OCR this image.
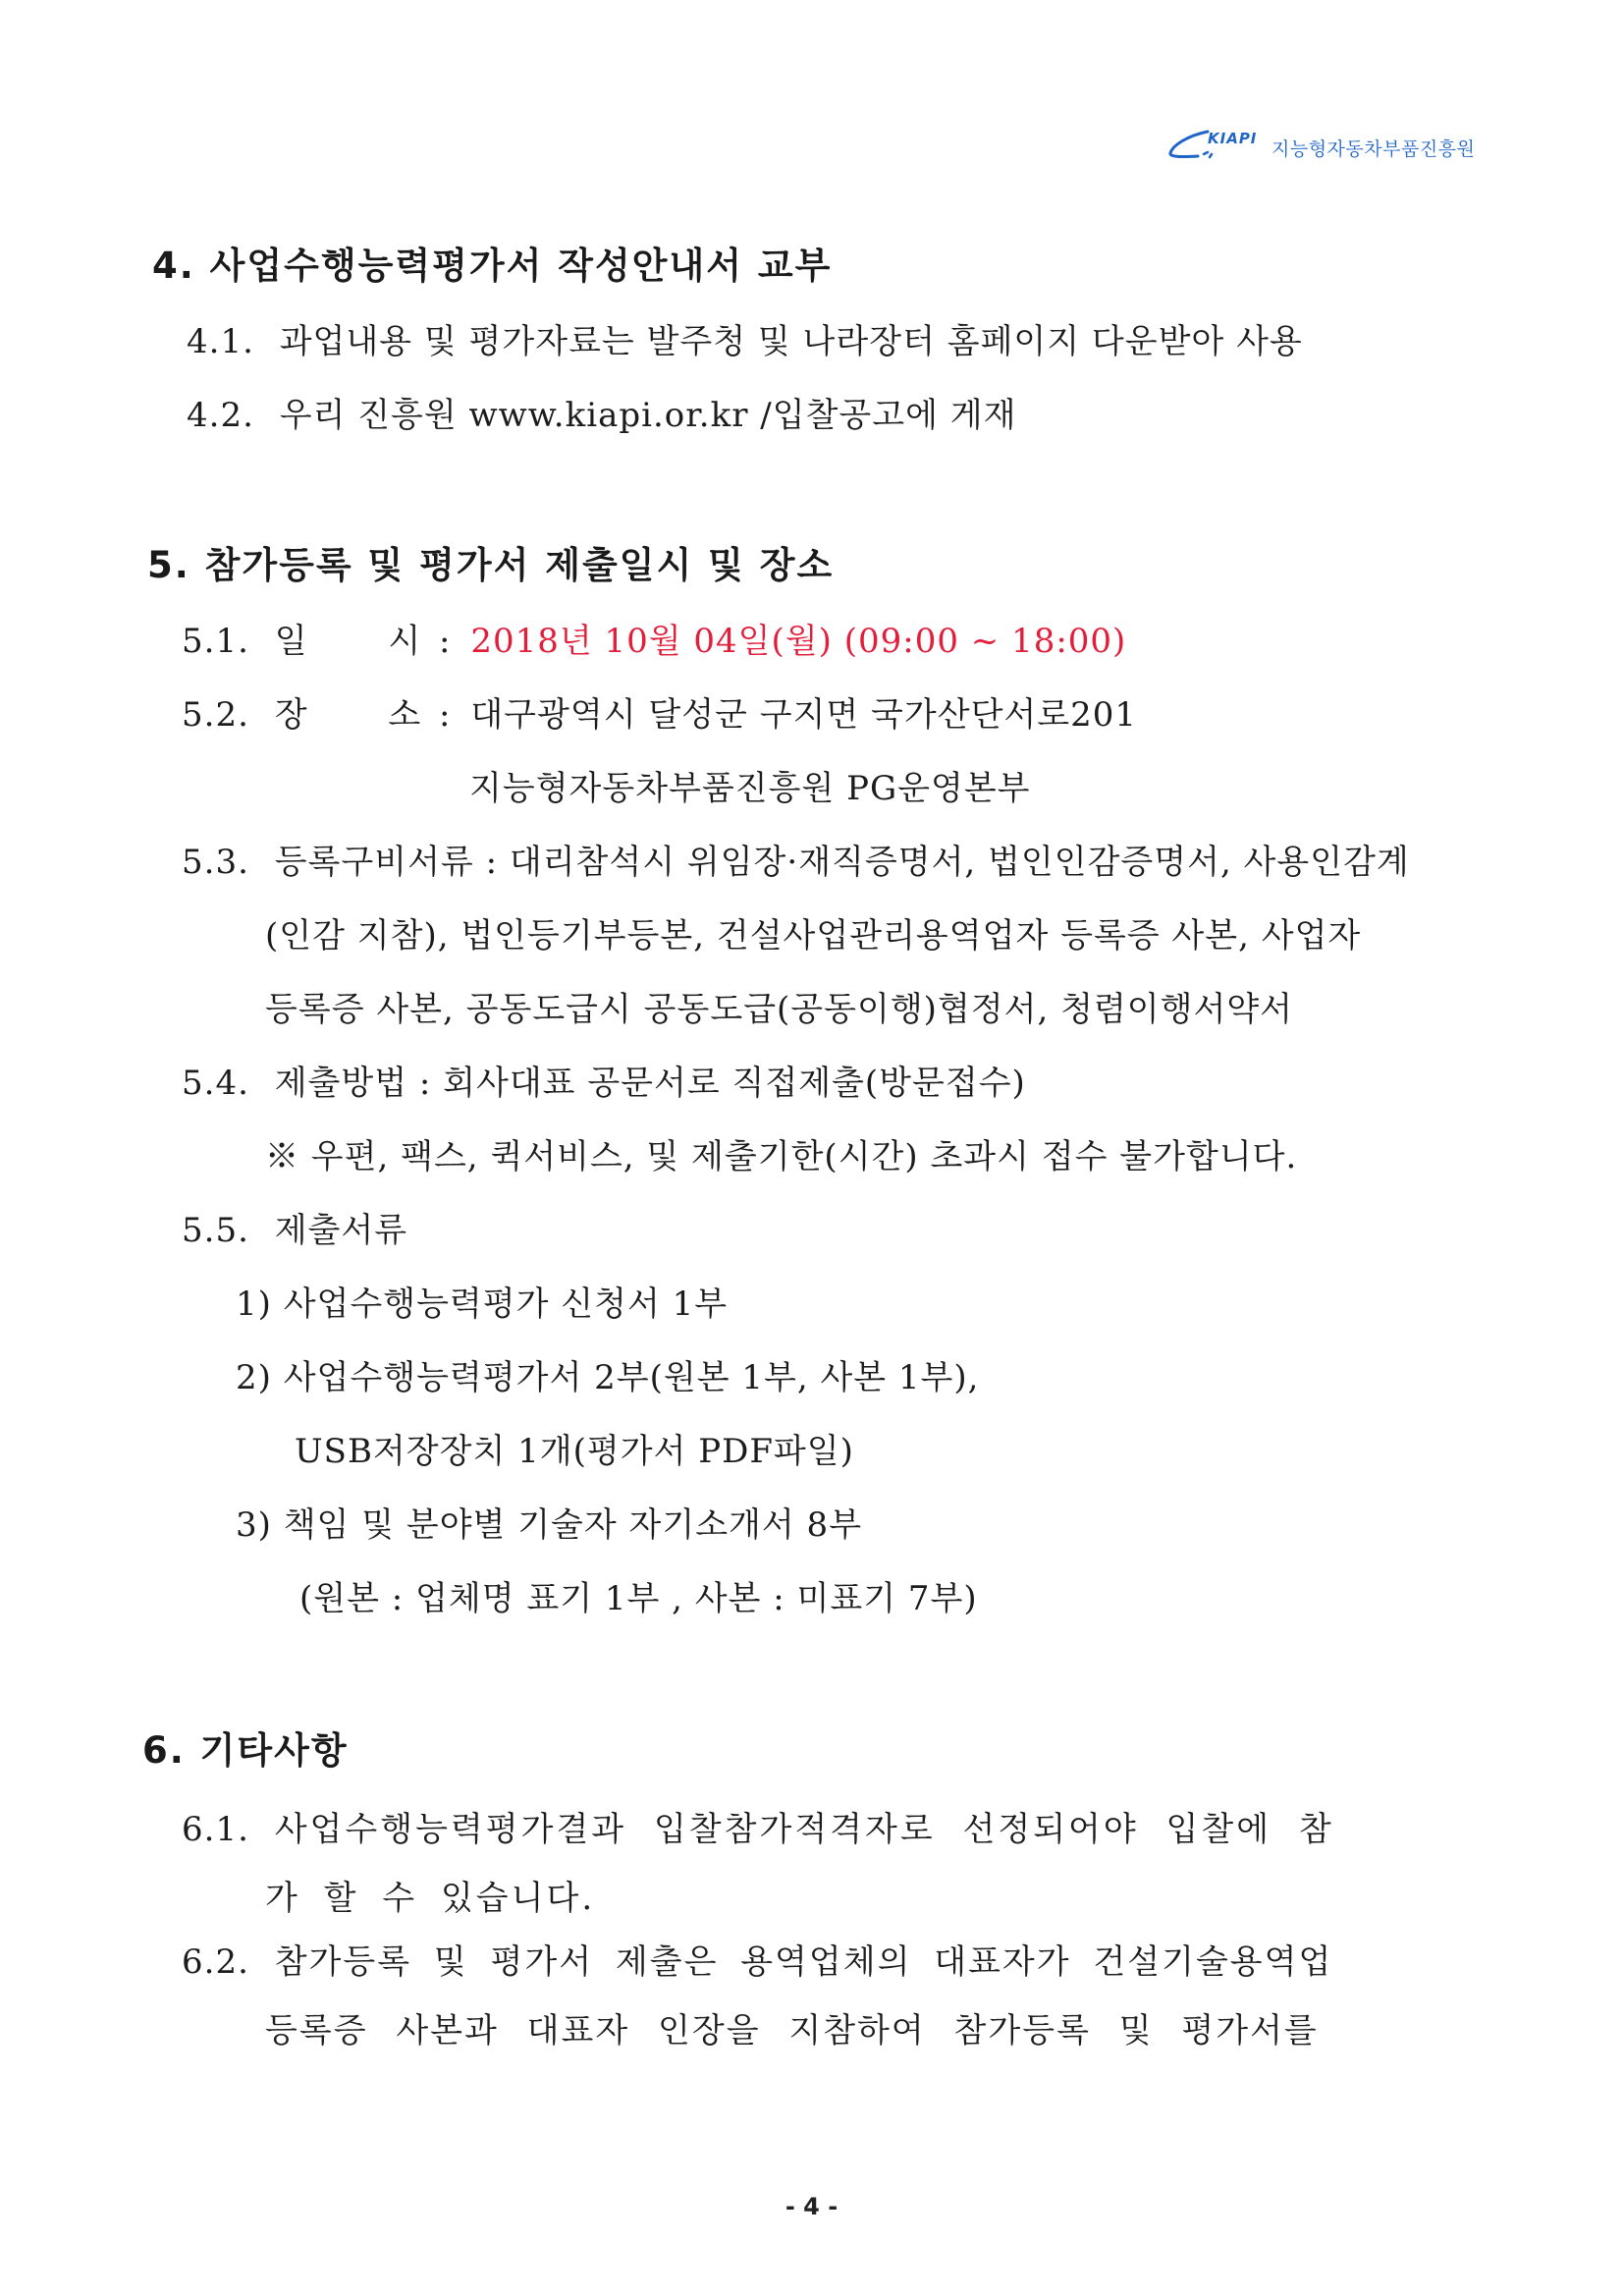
KIAPI 지능형자동차부품진흥원
4. 사업수행능력평가서 작성안내서 교부
4.1. 과업내용 및 평가자료는 발주청 및 나라장터 홈페이지 다운받아 사용
4.2. 우리 진흥원 www.kiapi.or.kr /입찰공고에 게재
5. 참가등록 및 평가서 제출일시 및 장소
5.1. 일 시 : 2018년 10월 04일(월) (09:00 ~ 18:00)
5.2. 장 소 : 대구광역시 달성군 구지면 국가산단서로201
지능형자동차부품진흥원 PG운영본부
5.3. 등록구비서류 : 대리참석시 위임장·재직증명서, 법인인감증명서, 사용인감계
(인감 지참), 법인등기부등본, 건설사업관리용역업자 등록증 사본, 사업자
등록증 사본, 공동도급시 공동도급(공동이행)협정서, 청렴이행서약서
5.4. 제출방법 : 회사대표 공문서로 직접제출(방문접수)
※ 우편, 팩스, 퀵서비스, 및 제출기한(시간) 초과시 접수 불가합니다.
5.5. 제출서류
1) 사업수행능력평가 신청서 1부
2) 사업수행능력평가서 2부(원본 1부, 사본 1부),
USB저장장치 1개(평가서 PDF파일)
3) 책임 및 분야별 기술자 자기소개서 8부
(원본 : 업체명 표기 1부 , 사본 : 미표기 7부)
6. 기타사항
6.1. 사업수행능력평가결과 입찰참가적격자로 선정되어야 입찰에 참
가 할 수 있습니다.
6.2. 참가등록 및 평가서 제출은 용역업체의 대표자가 건설기술용역업
등록증 사본과 대표자 인장을 지참하여 참가등록 및 평가서를
- 4 -
